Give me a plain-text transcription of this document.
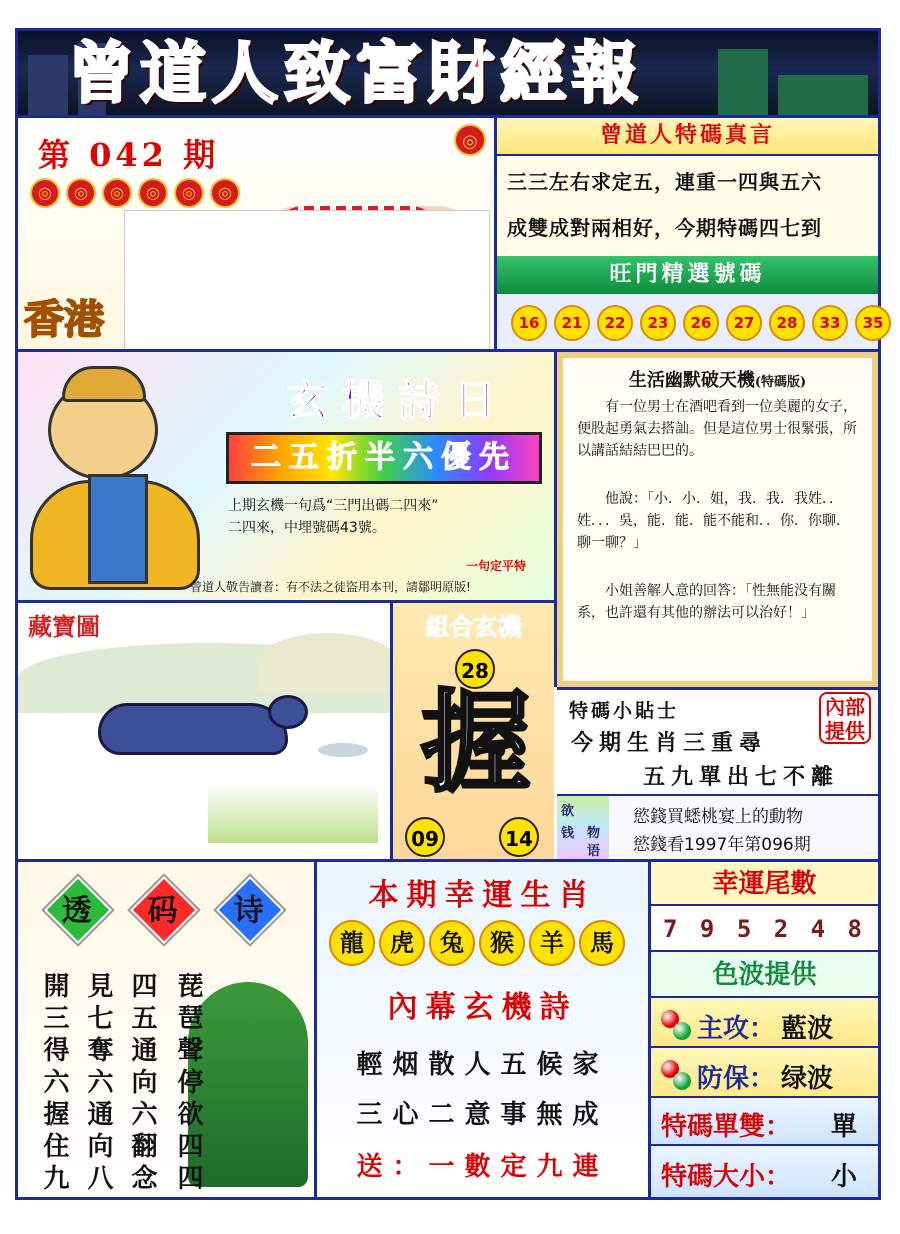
曾道人致富財經報
第 042 期
◎ ◎ ◎ ◎ ◎ ◎
◎
香港
曾道人特碼真言
三三左右求定五，連重一四與五六
成雙成對兩相好，今期特碼四七到
旺門精選號碼
16 21 22 23 26 27 28 33 35
玄機詩日
二五折半六優先
上期玄機一句爲“三門出碼二四來”
二四來，中埋號碼43號。
一句定平特
曾道人敬告讀者：有不法之徒盜用本刊，請鄒明原版!
生活幽默破天機(特碼版)
有一位男士在酒吧看到一位美麗的女子，便股起勇氣去搭訕。但是這位男士很緊張，所以講話結結巴巴的。
他說：「小．小．姐，我．我．我姓．．姓．．．吳，能．能．能不能和．．你．你聊．聊一聊？」
小姐善解人意的回答：「性無能没有關系，也許還有其他的辦法可以治好！」
藏寶圖	組合玄機
28
握
09	14
特碼小貼士	內部提供
今期生肖三重尋
五九單出七不離
欲
钱 物
语
慾錢買蟋桃宴上的動物
慾錢看1997年第096期
透 码 诗
琵琶聲停欲四四
四五通向六翻念
見七奪六通向八
開三得六握住九
本期幸運生肖
龍 虎 兔 猴 羊 馬
內幕玄機詩
輕烟散人五候家
三心二意事無成
送：一數定九連
幸運尾數
7 9 5 2 4 8
色波提供
主攻： 藍波
防保： 绿波
特碼單雙： 單
特碼大小： 小
